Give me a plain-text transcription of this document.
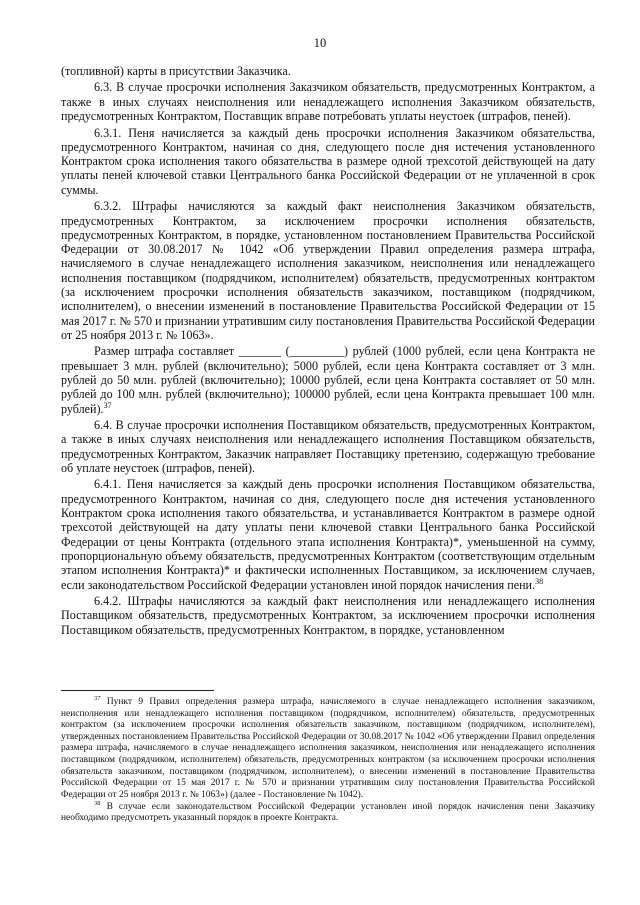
10

(топливной) карты в присутствии Заказчика.

6.3. В случае просрочки исполнения Заказчиком обязательств, предусмотренных Контрактом, а также в иных случаях неисполнения или ненадлежащего исполнения Заказчиком обязательств, предусмотренных Контрактом, Поставщик вправе потребовать уплаты неустоек (штрафов, пеней).

6.3.1. Пеня начисляется за каждый день просрочки исполнения Заказчиком обязательства, предусмотренного Контрактом, начиная со дня, следующего после дня истечения установленного Контрактом срока исполнения такого обязательства в размере одной трехсотой действующей на дату уплаты пеней ключевой ставки Центрального банка Российской Федерации от не уплаченной в срок суммы.

6.3.2. Штрафы начисляются за каждый факт неисполнения Заказчиком обязательств, предусмотренных Контрактом, за исключением просрочки исполнения обязательств, предусмотренных Контрактом, в порядке, установленном постановлением Правительства Российской Федерации от 30.08.2017 № 1042 «Об утверждении Правил определения размера штрафа, начисляемого в случае ненадлежащего исполнения заказчиком, неисполнения или ненадлежащего исполнения поставщиком (подрядчиком, исполнителем) обязательств, предусмотренных контрактом (за исключением просрочки исполнения обязательств заказчиком, поставщиком (подрядчиком, исполнителем), о внесении изменений в постановление Правительства Российской Федерации от 15 мая 2017 г. № 570 и признании утратившим силу постановления Правительства Российской Федерации от 25 ноября 2013 г. № 1063».

Размер штрафа составляет _______ (_________) рублей (1000 рублей, если цена Контракта не превышает 3 млн. рублей (включительно); 5000 рублей, если цена Контракта составляет от 3 млн. рублей до 50 млн. рублей (включительно); 10000 рублей, если цена Контракта составляет от 50 млн. рублей до 100 млн. рублей (включительно); 100000 рублей, если цена Контракта превышает 100 млн. рублей).$^{37}$

6.4. В случае просрочки исполнения Поставщиком обязательств, предусмотренных Контрактом, а также в иных случаях неисполнения или ненадлежащего исполнения Поставщиком обязательств, предусмотренных Контрактом, Заказчик направляет Поставщику претензию, содержащую требование об уплате неустоек (штрафов, пеней).

6.4.1. Пеня начисляется за каждый день просрочки исполнения Поставщиком обязательства, предусмотренного Контрактом, начиная со дня, следующего после дня истечения установленного Контрактом срока исполнения такого обязательства, и устанавливается Контрактом в размере одной трехсотой действующей на дату уплаты пени ключевой ставки Центрального банка Российской Федерации от цены Контракта (отдельного этапа исполнения Контракта)*, уменьшенной на сумму, пропорциональную объему обязательств, предусмотренных Контрактом (соответствующим отдельным этапом исполнения Контракта)* и фактически исполненных Поставщиком, за исключением случаев, если законодательством Российской Федерации установлен иной порядок начисления пени.$^{38}$

6.4.2. Штрафы начисляются за каждый факт неисполнения или ненадлежащего исполнения Поставщиком обязательств, предусмотренных Контрактом, за исключением просрочки исполнения Поставщиком обязательств, предусмотренных Контрактом, в порядке, установленном

$^{37}$ Пункт 9 Правил определения размера штрафа, начисляемого в случае ненадлежащего исполнения заказчиком, неисполнения или ненадлежащего исполнения поставщиком (подрядчиком, исполнителем) обязательств, предусмотренных контрактом (за исключением просрочки исполнения обязательств заказчиком, поставщиком (подрядчиком, исполнителем), утвержденных постановлением Правительства Российской Федерации от 30.08.2017 № 1042 «Об утверждении Правил определения размера штрафа, начисляемого в случае ненадлежащего исполнения заказчиком, неисполнения или ненадлежащего исполнения поставщиком (подрядчиком, исполнителем) обязательств, предусмотренных контрактом (за исключением просрочки исполнения обязательств заказчиком, поставщиком (подрядчиком, исполнителем), о внесении изменений в постановление Правительства Российской Федерации от 15 мая 2017 г. № 570 и признании утратившим силу постановления Правительства Российской Федерации от 25 ноября 2013 г. № 1063») (далее - Постановление № 1042).

$^{38}$ В случае если законодательством Российской Федерации установлен иной порядок начисления пени Заказчику необходимо предусмотреть указанный порядок в проекте Контракта.
